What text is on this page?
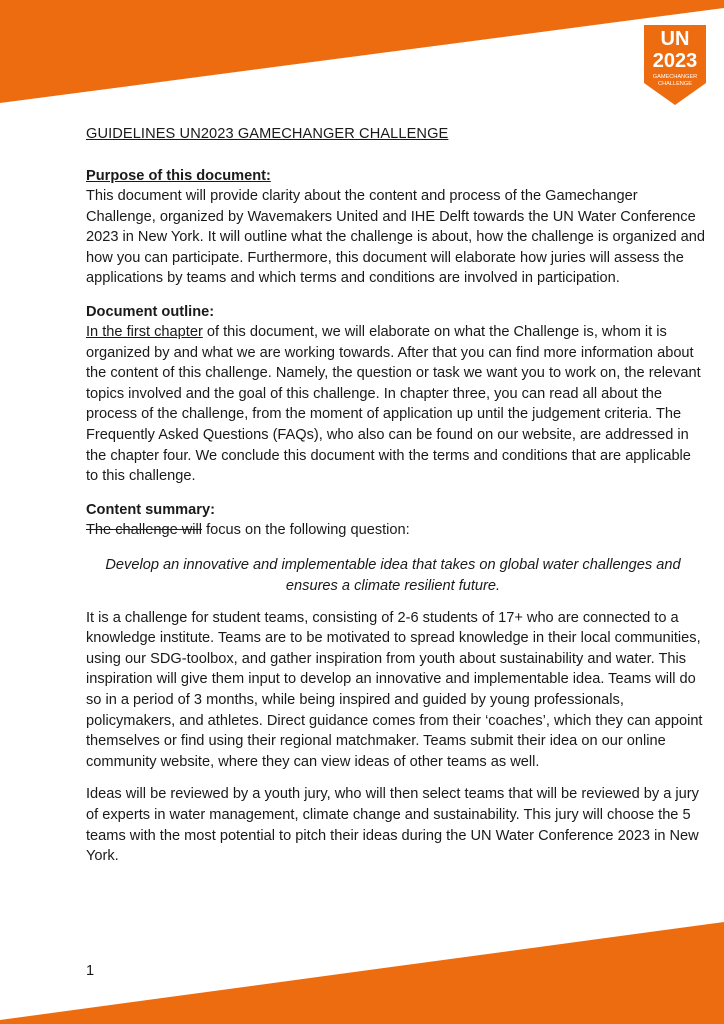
UN
2023
GAMECHANGER
CHALLENGE
GUIDELINES UN2023 GAMECHANGER CHALLENGE

Purpose of this document:

This document will provide clarity about the content and process of the Gamechanger Challenge, organized by Wavemakers United and IHE Delft towards the UN Water Conference 2023 in New York. It will outline what the challenge is about, how the challenge is organized and how you can participate. Furthermore, this document will elaborate how juries will assess the applications by teams and which terms and conditions are involved in participation.

Document outline:

In the first chapter of this document, we will elaborate on what the Challenge is, whom it is organized by and what we are working towards. After that you can find more information about the content of this challenge. Namely, the question or task we want you to work on, the relevant topics involved and the goal of this challenge. In chapter three, you can read all about the process of the challenge, from the moment of application up until the judgement criteria. The Frequently Asked Questions (FAQs), who also can be found on our website, are addressed in the chapter four. We conclude this document with the terms and conditions that are applicable to this challenge.

Content summary:

The challenge will focus on the following question:

Develop an innovative and implementable idea that takes on global water challenges and
ensures a climate resilient future.

It is a challenge for student teams, consisting of 2-6 students of 17+ who are connected to a knowledge institute. Teams are to be motivated to spread knowledge in their local communities, using our SDG-toolbox, and gather inspiration from youth about sustainability and water. This inspiration will give them input to develop an innovative and implementable idea. Teams will do so in a period of 3 months, while being inspired and guided by young professionals, policymakers, and athletes. Direct guidance comes from their ‘coaches’, which they can appoint themselves or find using their regional matchmaker. Teams submit their idea on our online community website, where they can view ideas of other teams as well.

Ideas will be reviewed by a youth jury, who will then select teams that will be reviewed by a jury of experts in water management, climate change and sustainability. This jury will choose the 5 teams with the most potential to pitch their ideas during the UN Water Conference 2023 in New York.

1
